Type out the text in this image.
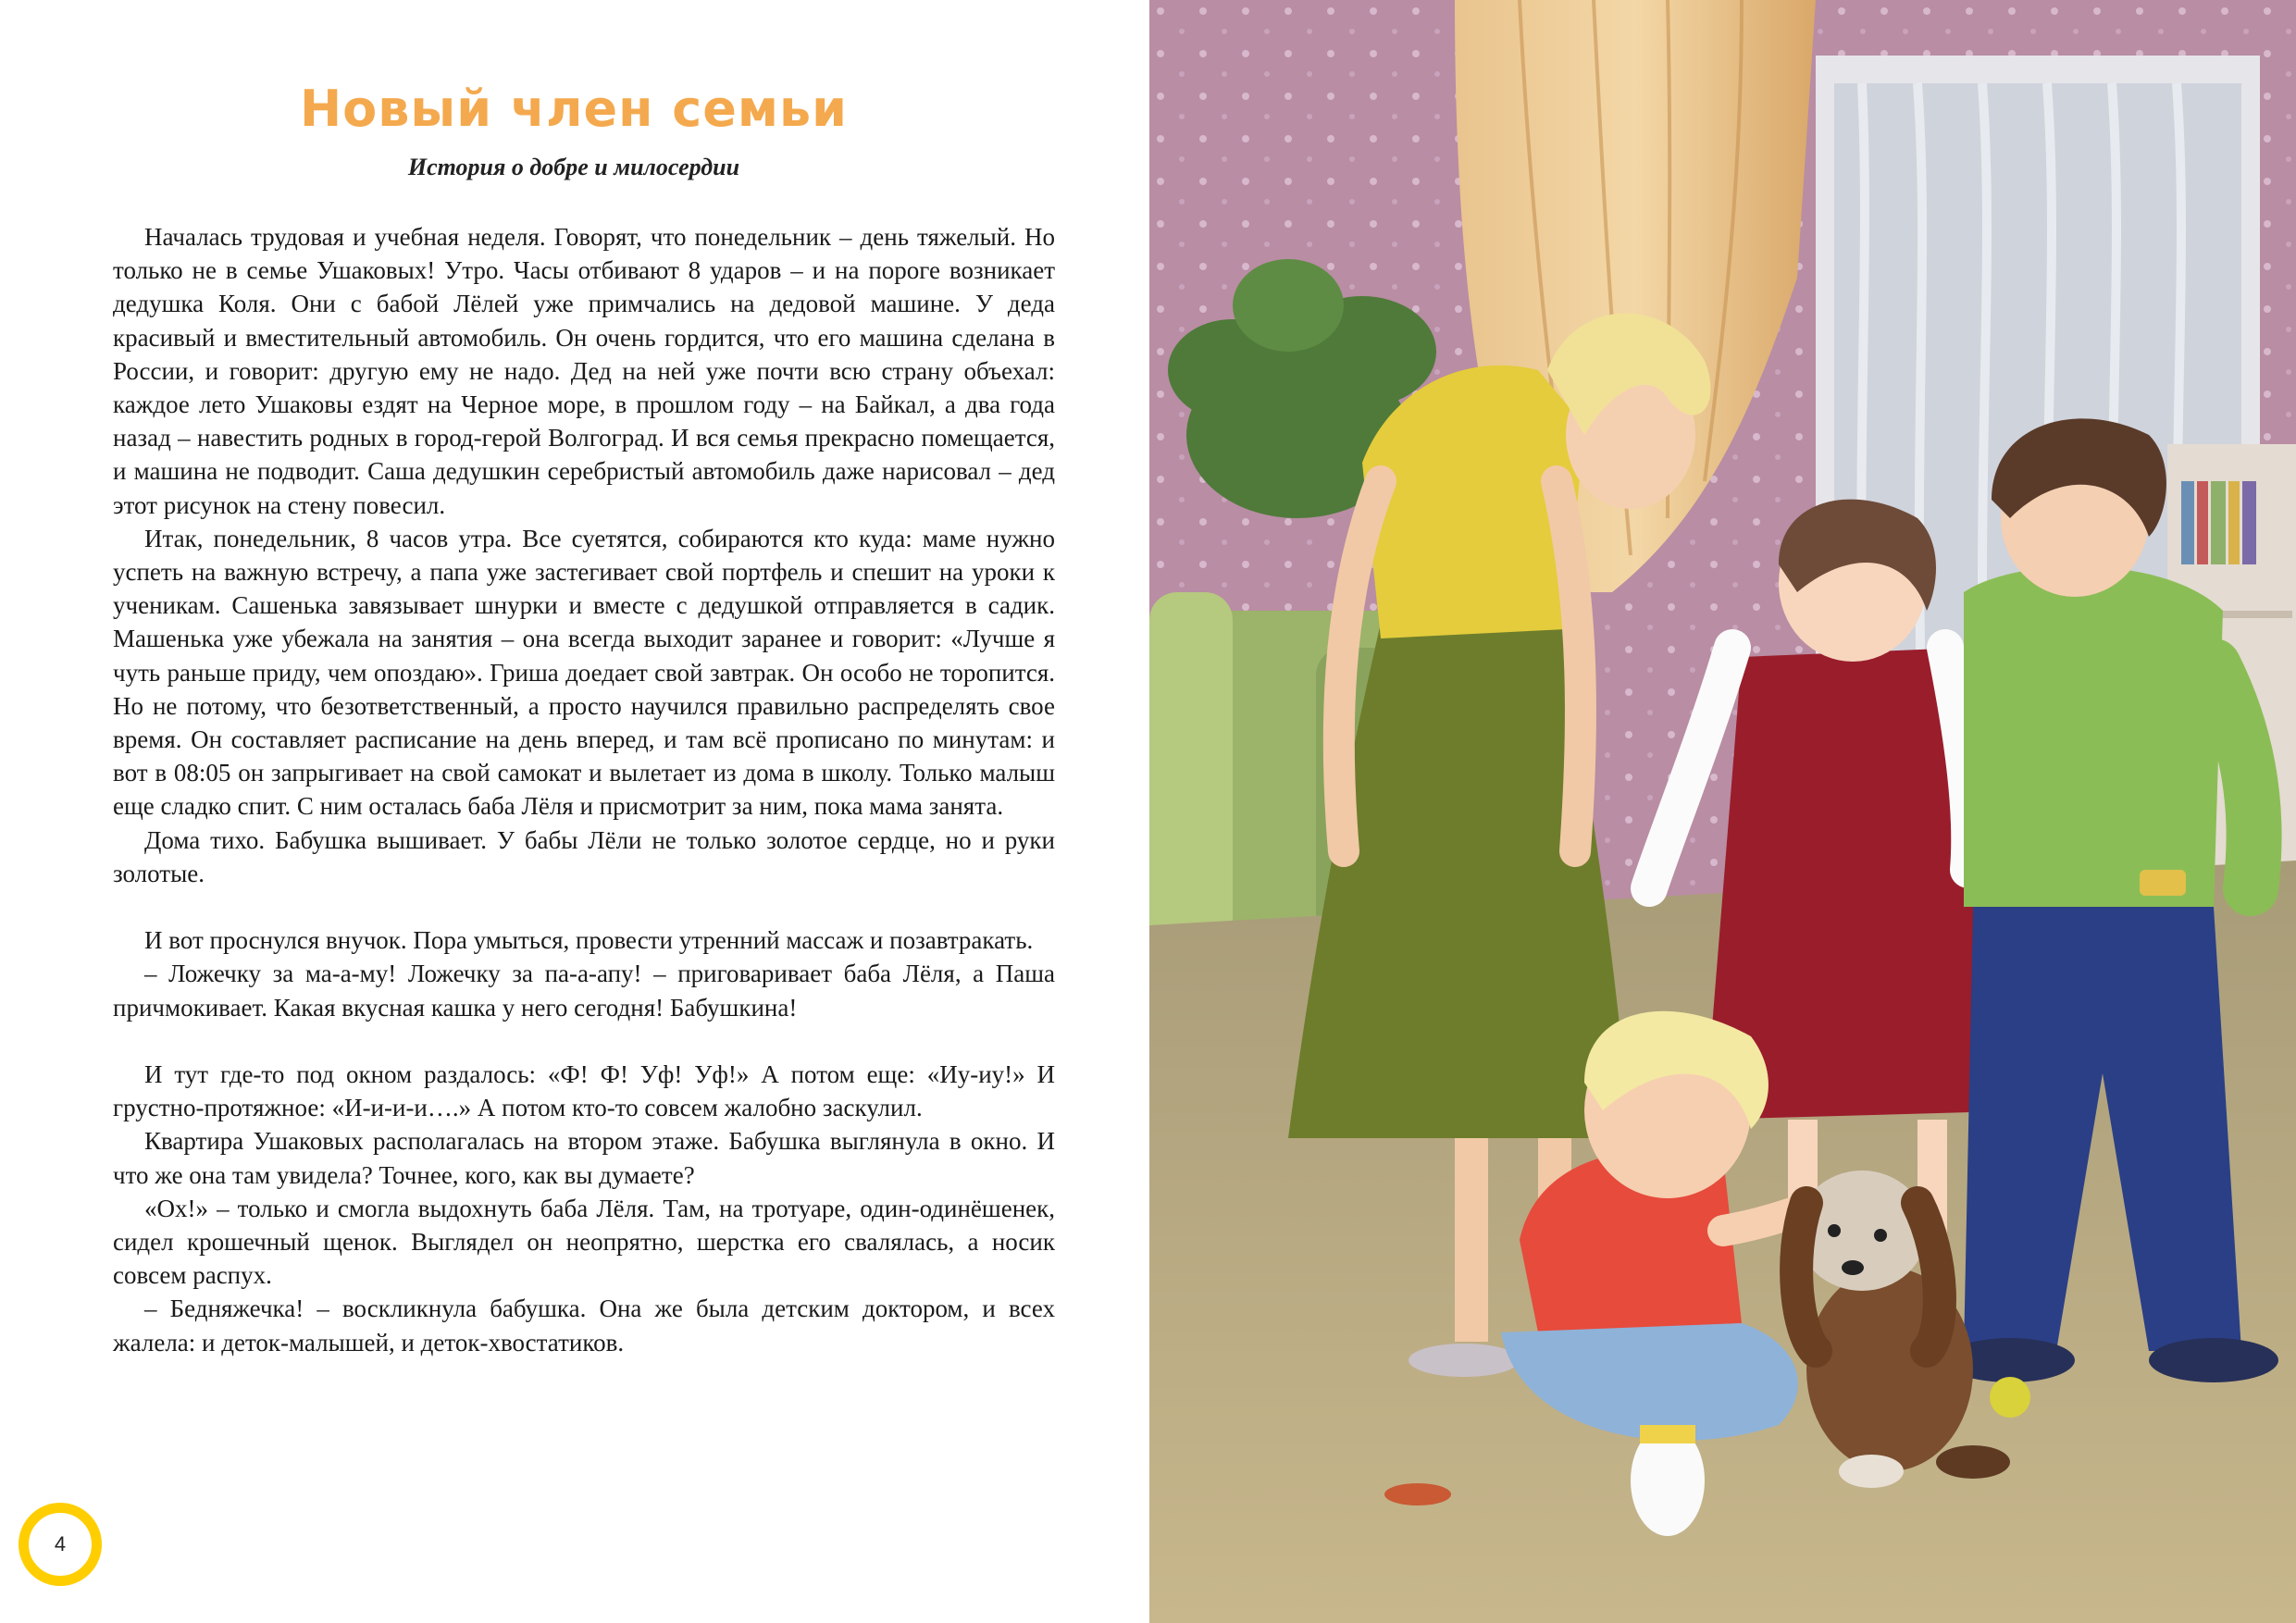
Новый член семьи
История о добре и милосердии

Началась трудовая и учебная неделя. Говорят, что понедельник – день тяжелый. Но только не в семье Ушаковых! Утро. Часы отбивают 8 ударов – и на пороге возникает дедушка Коля. Они с бабой Лёлей уже примчались на дедовой машине. У деда красивый и вместительный автомобиль. Он очень гордится, что его машина сделана в России, и говорит: другую ему не надо. Дед на ней уже почти всю страну объехал: каждое лето Ушаковы ездят на Черное море, в прошлом году – на Байкал, а два года назад – навестить родных в город-герой Волгоград. И вся семья прекрасно помещается, и машина не подводит. Саша дедушкин серебристый автомобиль даже нарисовал – дед этот рисунок на стену повесил.

Итак, понедельник, 8 часов утра. Все суетятся, собираются кто куда: маме нужно успеть на важную встречу, а папа уже застегивает свой портфель и спешит на уроки к ученикам. Сашенька завязывает шнурки и вместе с дедушкой отправляется в садик. Машенька уже убежала на занятия – она всегда выходит заранее и говорит: «Лучше я чуть раньше приду, чем опоздаю». Гриша доедает свой завтрак. Он особо не торопится. Но не потому, что безответственный, а просто научился правильно распределять свое время. Он составляет расписание на день вперед, и там всё прописано по минутам: и вот в 08:05 он запрыгивает на свой самокат и вылетает из дома в школу. Только малыш еще сладко спит. С ним осталась баба Лёля и присмотрит за ним, пока мама занята.

Дома тихо. Бабушка вышивает. У бабы Лёли не только золотое сердце, но и руки золотые.

И вот проснулся внучок. Пора умыться, провести утренний массаж и позавтракать.

– Ложечку за ма-а-му! Ложечку за па-а-апу! – приговаривает баба Лёля, а Паша причмокивает. Какая вкусная кашка у него сегодня! Бабушкина!

И тут где-то под окном раздалось: «Ф! Ф! Уф! Уф!» А потом еще: «Иу-иу!» И грустно-протяжное: «И-и-и-и….» А потом кто-то совсем жалобно заскулил.

Квартира Ушаковых располагалась на втором этаже. Бабушка выглянула в окно. И что же она там увидела? Точнее, кого, как вы думаете?

«Ох!» – только и смогла выдохнуть баба Лёля. Там, на тротуаре, один-одинёшенек, сидел крошечный щенок. Выглядел он неопрятно, шерстка его свалялась, а носик совсем распух.

– Бедняжечка! – воскликнула бабушка. Она же была детским доктором, и всех жалела: и деток-малышей, и деток-хвостатиков.

4
